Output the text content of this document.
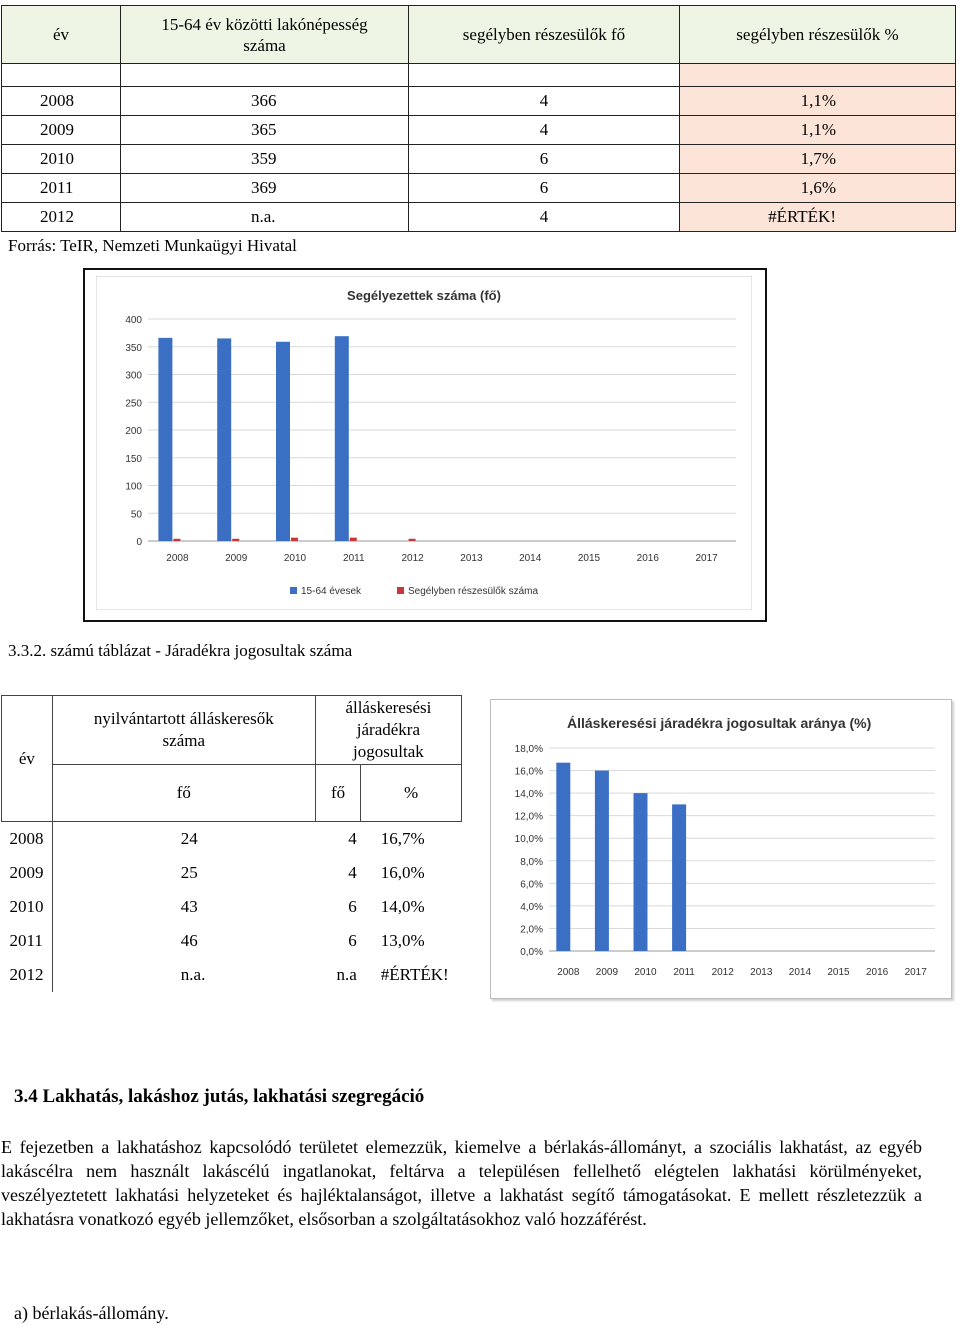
év	15-64 év közötti lakónépesség száma	segélyben részesülők fő	segélyben részesülők %

2008	366	4	1,1%
2009	365	4	1,1%
2010	359	6	1,7%
2011	369	6	1,6%
2012	n.a.	4	#ÉRTÉK!
Forrás: TeIR, Nemzeti Munkaügyi Hivatal
Segélyezettek száma (fő)
0
50
100
150
200
250
300
350
400
2008	2009	2010	2011	2012	2013	2014	2015	2016	2017
15-64 évesek	Segélyben részesülők száma
3.3.2. számú táblázat - Járadékra jogosultak száma
év	nyilvántartott álláskeresők száma	álláskeresési járadékra jogosultak	

	fő	fő	%
2008	24	4	16,7%
2009	25	4	16,0%
2010	43	6	14,0%
2011	46	6	13,0%
2012	n.a.	n.a	#ÉRTÉK!
Álláskeresési járadékra jogosultak aránya (%)
0,0%
2,0%
4,0%
6,0%
8,0%
10,0%
12,0%
14,0%
16,0%
18,0%
2008 2009 2010 2011 2012 2013 2014 2015 2016 2017
3.4 Lakhatás, lakáshoz jutás, lakhatási szegregáció
E fejezetben a lakhatáshoz kapcsolódó területet elemezzük, kiemelve a bérlakás-állományt, a szociális lakhatást, az egyéb lakáscélra nem használt lakáscélú ingatlanokat, feltárva a településen fellelhető elégtelen lakhatási körülményeket, veszélyeztetett lakhatási helyzeteket és hajléktalanságot, illetve a lakhatást segítő támogatásokat. E mellett részletezzük a lakhatásra vonatkozó egyéb jellemzőket, elsősorban a szolgáltatásokhoz való hozzáférést.
a) bérlakás-állomány.
